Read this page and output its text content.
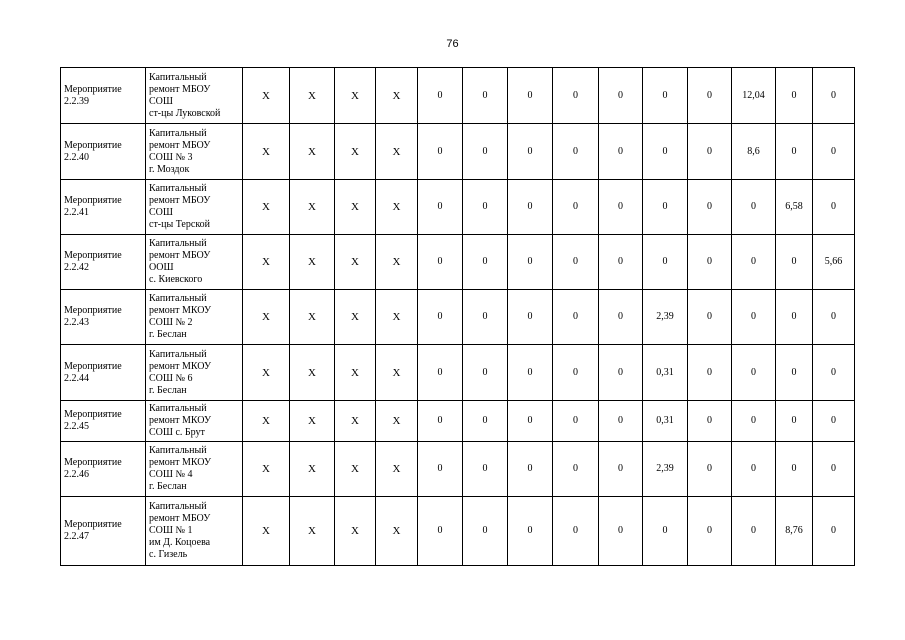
76
Мероприятие 2.2.39	Капитальный
ремонт МБОУ
СОШ
ст-цы Луковской	X	X	X	X	0	0	0	0	0	0	0	12,04	0	0
Мероприятие 2.2.40	Капитальный
ремонт МБОУ
СОШ № 3
г. Моздок	X	X	X	X	0	0	0	0	0	0	0	8,6	0	0
Мероприятие 2.2.41	Капитальный
ремонт МБОУ
СОШ
ст-цы Терской	X	X	X	X	0	0	0	0	0	0	0	0	6,58	0
Мероприятие 2.2.42	Капитальный
ремонт МБОУ
ООШ
с. Киевского	X	X	X	X	0	0	0	0	0	0	0	0	0	5,66
Мероприятие 2.2.43	Капитальный
ремонт МКОУ
СОШ № 2
г. Беслан	X	X	X	X	0	0	0	0	0	2,39	0	0	0	0
Мероприятие 2.2.44	Капитальный
ремонт МКОУ
СОШ № 6
г. Беслан	X	X	X	X	0	0	0	0	0	0,31	0	0	0	0
Мероприятие 2.2.45	Капитальный
ремонт МКОУ
СОШ с. Брут	X	X	X	X	0	0	0	0	0	0,31	0	0	0	0
Мероприятие 2.2.46	Капитальный
ремонт МКОУ
СОШ № 4
г. Беслан	X	X	X	X	0	0	0	0	0	2,39	0	0	0	0
Мероприятие 2.2.47	Капитальный
ремонт МБОУ
СОШ № 1
им Д. Коцоева
с. Гизель	X	X	X	X	0	0	0	0	0	0	0	0	8,76	0
